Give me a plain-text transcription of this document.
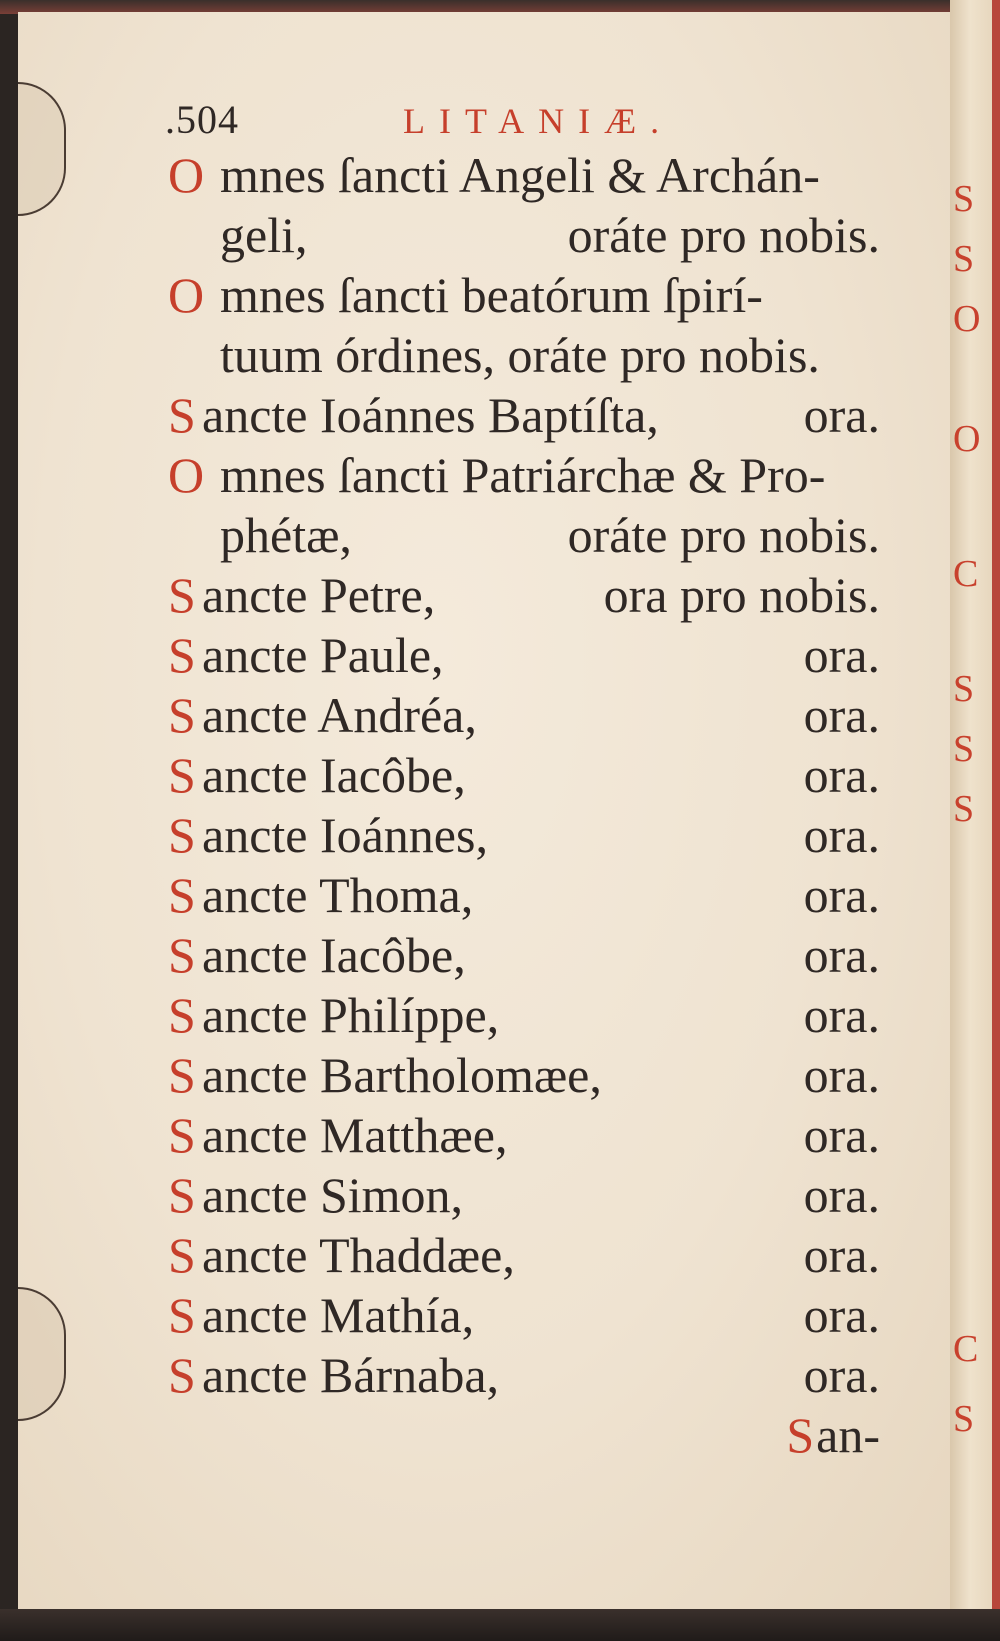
S
S
O
O
C
S
S
S
C
S
.504	LITANIÆ.
O mnes ſancti Angeli & Archán-
geli,	oráte pro nobis.
O mnes ſancti beatórum ſpirí-
tuum órdines, oráte pro nobis.
S ancte Ioánnes Baptíſta,	ora.
O mnes ſancti Patriárchæ & Pro-
phétæ,	oráte pro nobis.
S ancte Petre,	ora pro nobis.
S ancte Paule,	ora.
S ancte Andréa,	ora.
S ancte Iacôbe,	ora.
S ancte Ioánnes,	ora.
S ancte Thoma,	ora.
S ancte Iacôbe,	ora.
S ancte Philíppe,	ora.
S ancte Bartholomæe,	ora.
S ancte Matthæe,	ora.
S ancte Simon,	ora.
S ancte Thaddæe,	ora.
S ancte Mathía,	ora.
S ancte Bárnaba,	ora.
San-
